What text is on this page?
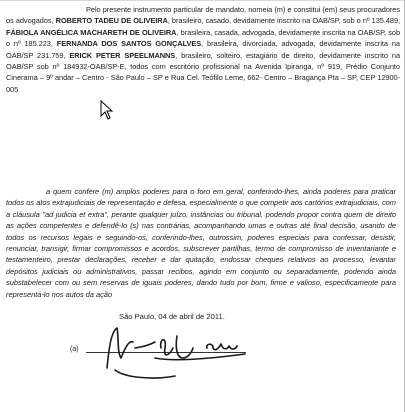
Pelo presente instrumento particular de mandato, nomeia (m) e constitui (em) seus procuradores os advogados, ROBERTO TADEU DE OLIVEIRA, brasileiro, casado, devidamente inscrito na OAB/SP, sob o nº 135.489, FÁBIOLA ANGÉLICA MACHARETH DE OLIVEIRA, brasileira, casada, advogada, devidamente inscrita na OAB/SP, sob o nº 185.223, FERNANDA DOS SANTOS GONÇALVES, brasileira, divorciada, advogada, devidamente inscrita na OAB/SP 231.759, ERICK PETER SPEELMANNS, brasileiro, solteiro, estagiário de direito, devidamente inscrito na OAB/SP sob nº 184932-OAB/SP-E, todos com escritório profissional na Avenida Ipiranga, nº 919, Prédio Conjunto Cinerama – 9º andar – Centro - São Paulo – SP e Rua Cel. Teófilo Leme, 662- Centro – Bragança Pta – SP, CEP 12900-005
a quem confere (m) amplos poderes para o foro em geral, conferindo-lhes, ainda poderes para praticar todos os atos extrajudiciais de representação e defesa, especialmente o que competir aos cartórios extrajudiciais, com a cláusula "ad judicia et extra", perante qualquer juízo, instâncias ou tribunal, podendo propor contra quem de direito as ações competentes e defendê-lo (s) nas contrárias, acompanhando umas e outras até final decisão, usando de todos os recursos legais e seguindo-os, conferindo-lhes, outrossim, poderes especiais para confessar, desistir, renunciar, transigir, firmar compromissos e acordos, subscrever partilhas, termo de compromisso de inventariante e testamenteiro, prestar declarações, receber e dar quitação, endossar cheques relativos ao processo, levantar depósitos judiciais ou administrativos, passar recibos, agindo em conjunto ou separadamente, podendo ainda substabelecer com ou sem reservas de iguais poderes, dando tudo por bom, firme e valioso, especificamente para representá-lo nos autos da ação
São Paulo, 04 de abril de 2011.
(a)
